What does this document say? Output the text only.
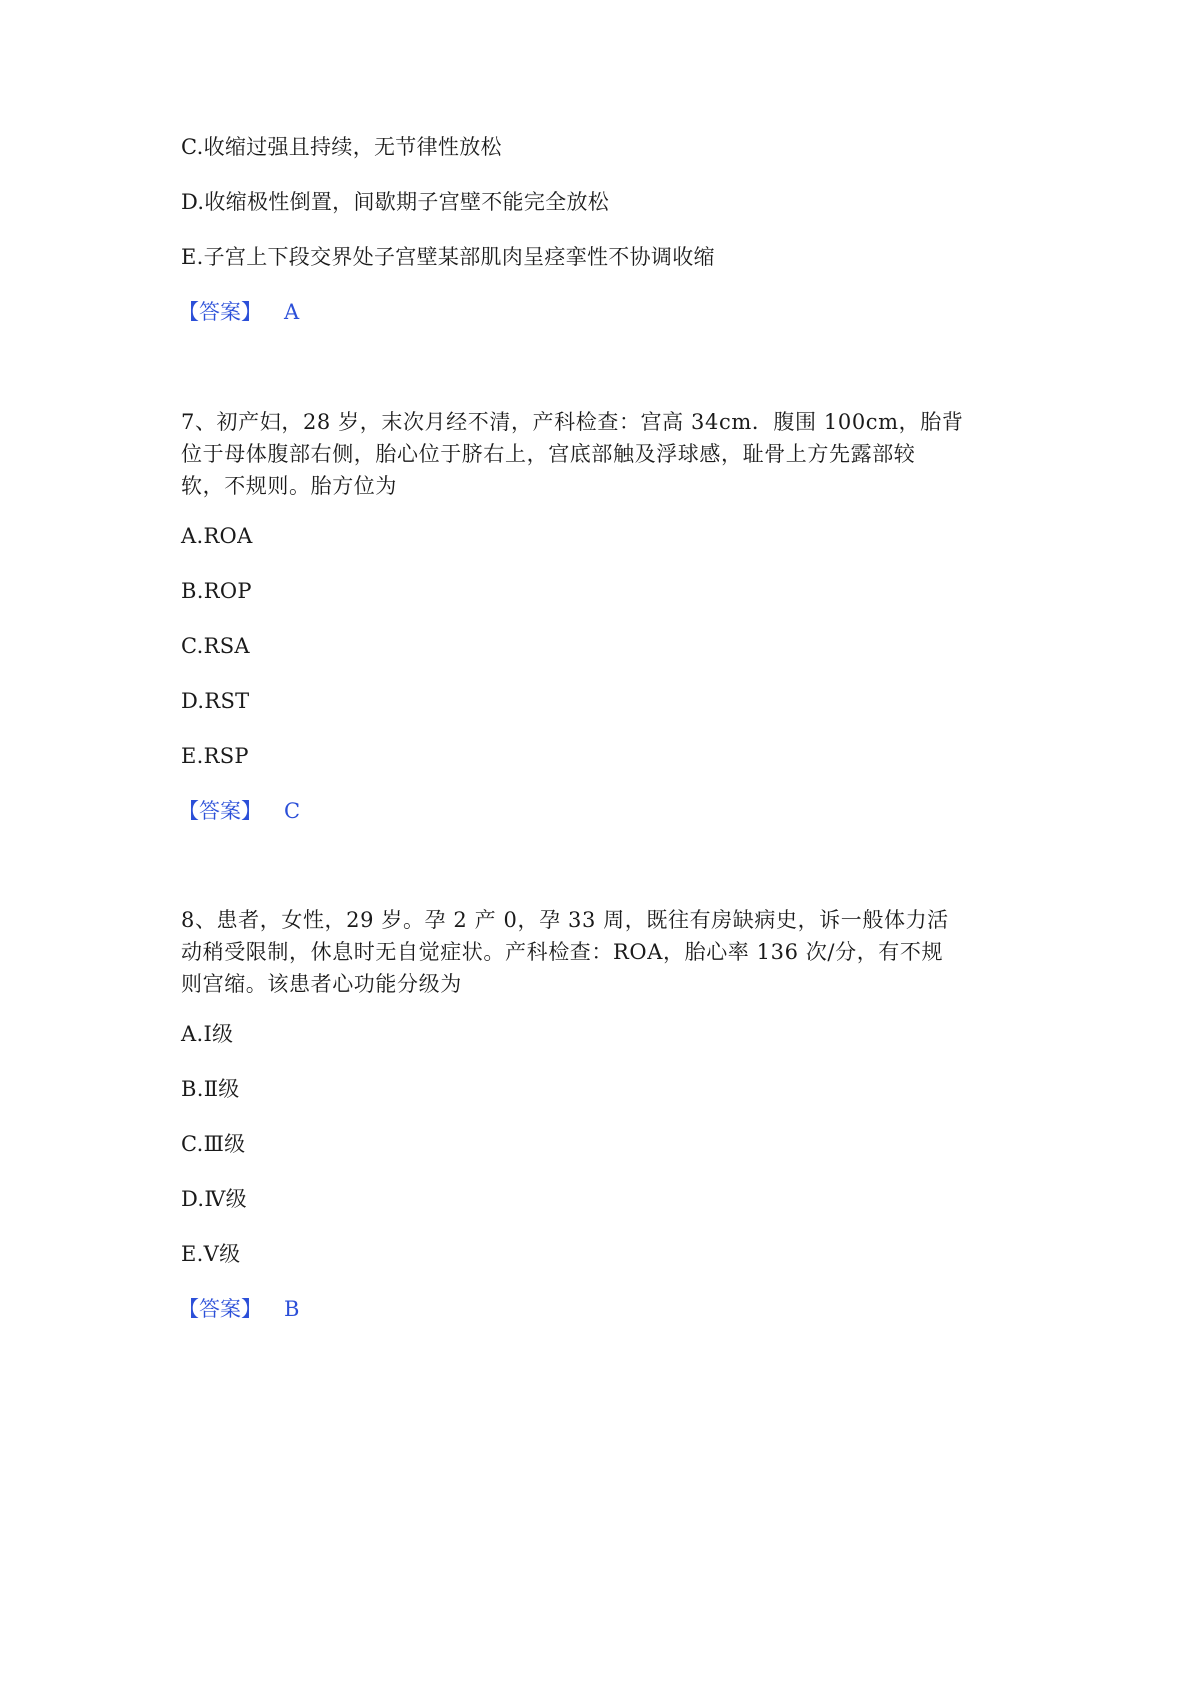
C.收缩过强且持续，无节律性放松
D.收缩极性倒置，间歇期子宫壁不能完全放松
E.子宫上下段交界处子宫壁某部肌肉呈痉挛性不协调收缩
【答案】 A
7、初产妇，28 岁，末次月经不清，产科检查：宫高 34cm．腹围 100cm，胎背
位于母体腹部右侧，胎心位于脐右上，宫底部触及浮球感，耻骨上方先露部较
软，不规则。胎方位为
A.ROA
B.ROP
C.RSA
D.RST
E.RSP
【答案】 C
8、患者，女性，29 岁。孕 2 产 0，孕 33 周，既往有房缺病史，诉一般体力活
动稍受限制，休息时无自觉症状。产科检查：ROA，胎心率 136 次/分，有不规
则宫缩。该患者心功能分级为
A.Ⅰ级
B.Ⅱ级
C.Ⅲ级
D.Ⅳ级
E.Ⅴ级
【答案】 B
